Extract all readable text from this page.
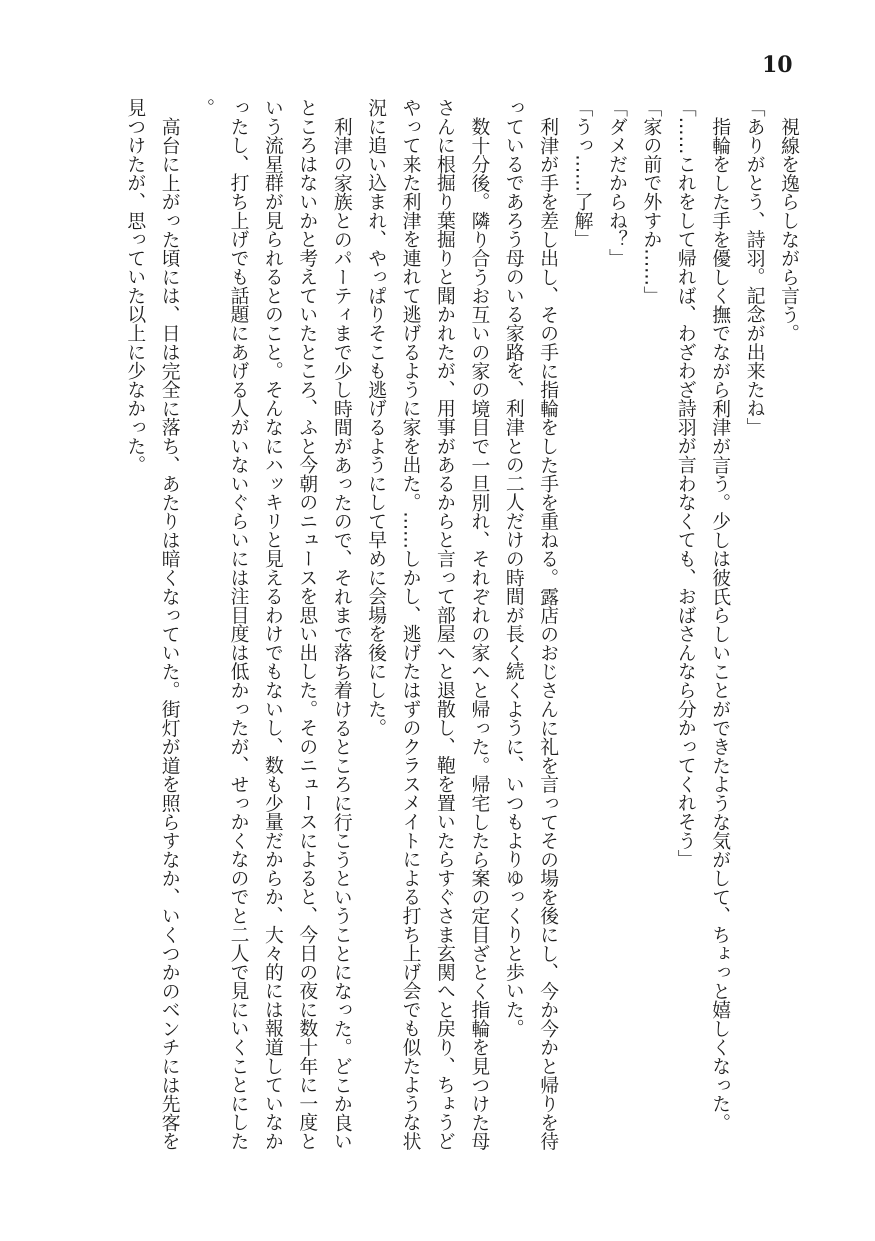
10

視線を逸らしながら言う。

「ありがとう、詩羽。記念が出来たね」

指輪をした手を優しく撫でながら利津が言う。少しは彼氏らしいことができたような気がして、ちょっと嬉しくなった。

「……これをして帰れば、わざわざ詩羽が言わなくても、おばさんなら分かってくれそう」

「家の前で外すか……」

「ダメだからね？」

「うっ……了解」

利津が手を差し出し、その手に指輪をした手を重ねる。露店のおじさんに礼を言ってその場を後にし、今か今かと帰りを待っているであろう母のいる家路を、利津との二人だけの時間が長く続くように、いつもよりゆっくりと歩いた。

数十分後。隣り合うお互いの家の境目で一旦別れ、それぞれの家へと帰った。帰宅したら案の定目ざとく指輪を見つけた母さんに根掘り葉掘りと聞かれたが、用事があるからと言って部屋へと退散し、鞄を置いたらすぐさま玄関へと戻り、ちょうどやって来た利津を連れて逃げるように家を出た。……しかし、逃げたはずのクラスメイトによる打ち上げ会でも似たような状況に追い込まれ、やっぱりそこも逃げるようにして早めに会場を後にした。

利津の家族とのパーティまで少し時間があったので、それまで落ち着けるところに行こうということになった。どこか良いところはないかと考えていたところ、ふと今朝のニュースを思い出した。そのニュースによると、今日の夜に数十年に一度という流星群が見られるとのこと。そんなにハッキリと見えるわけでもないし、数も少量だからか、大々的には報道していなかったし、打ち上げでも話題にあげる人がいないぐらいには注目度は低かったが、せっかくなのでと二人で見にいくことにした。

高台に上がった頃には、日は完全に落ち、あたりは暗くなっていた。街灯が道を照らすなか、いくつかのベンチには先客を見つけたが、思っていた以上に少なかった。
